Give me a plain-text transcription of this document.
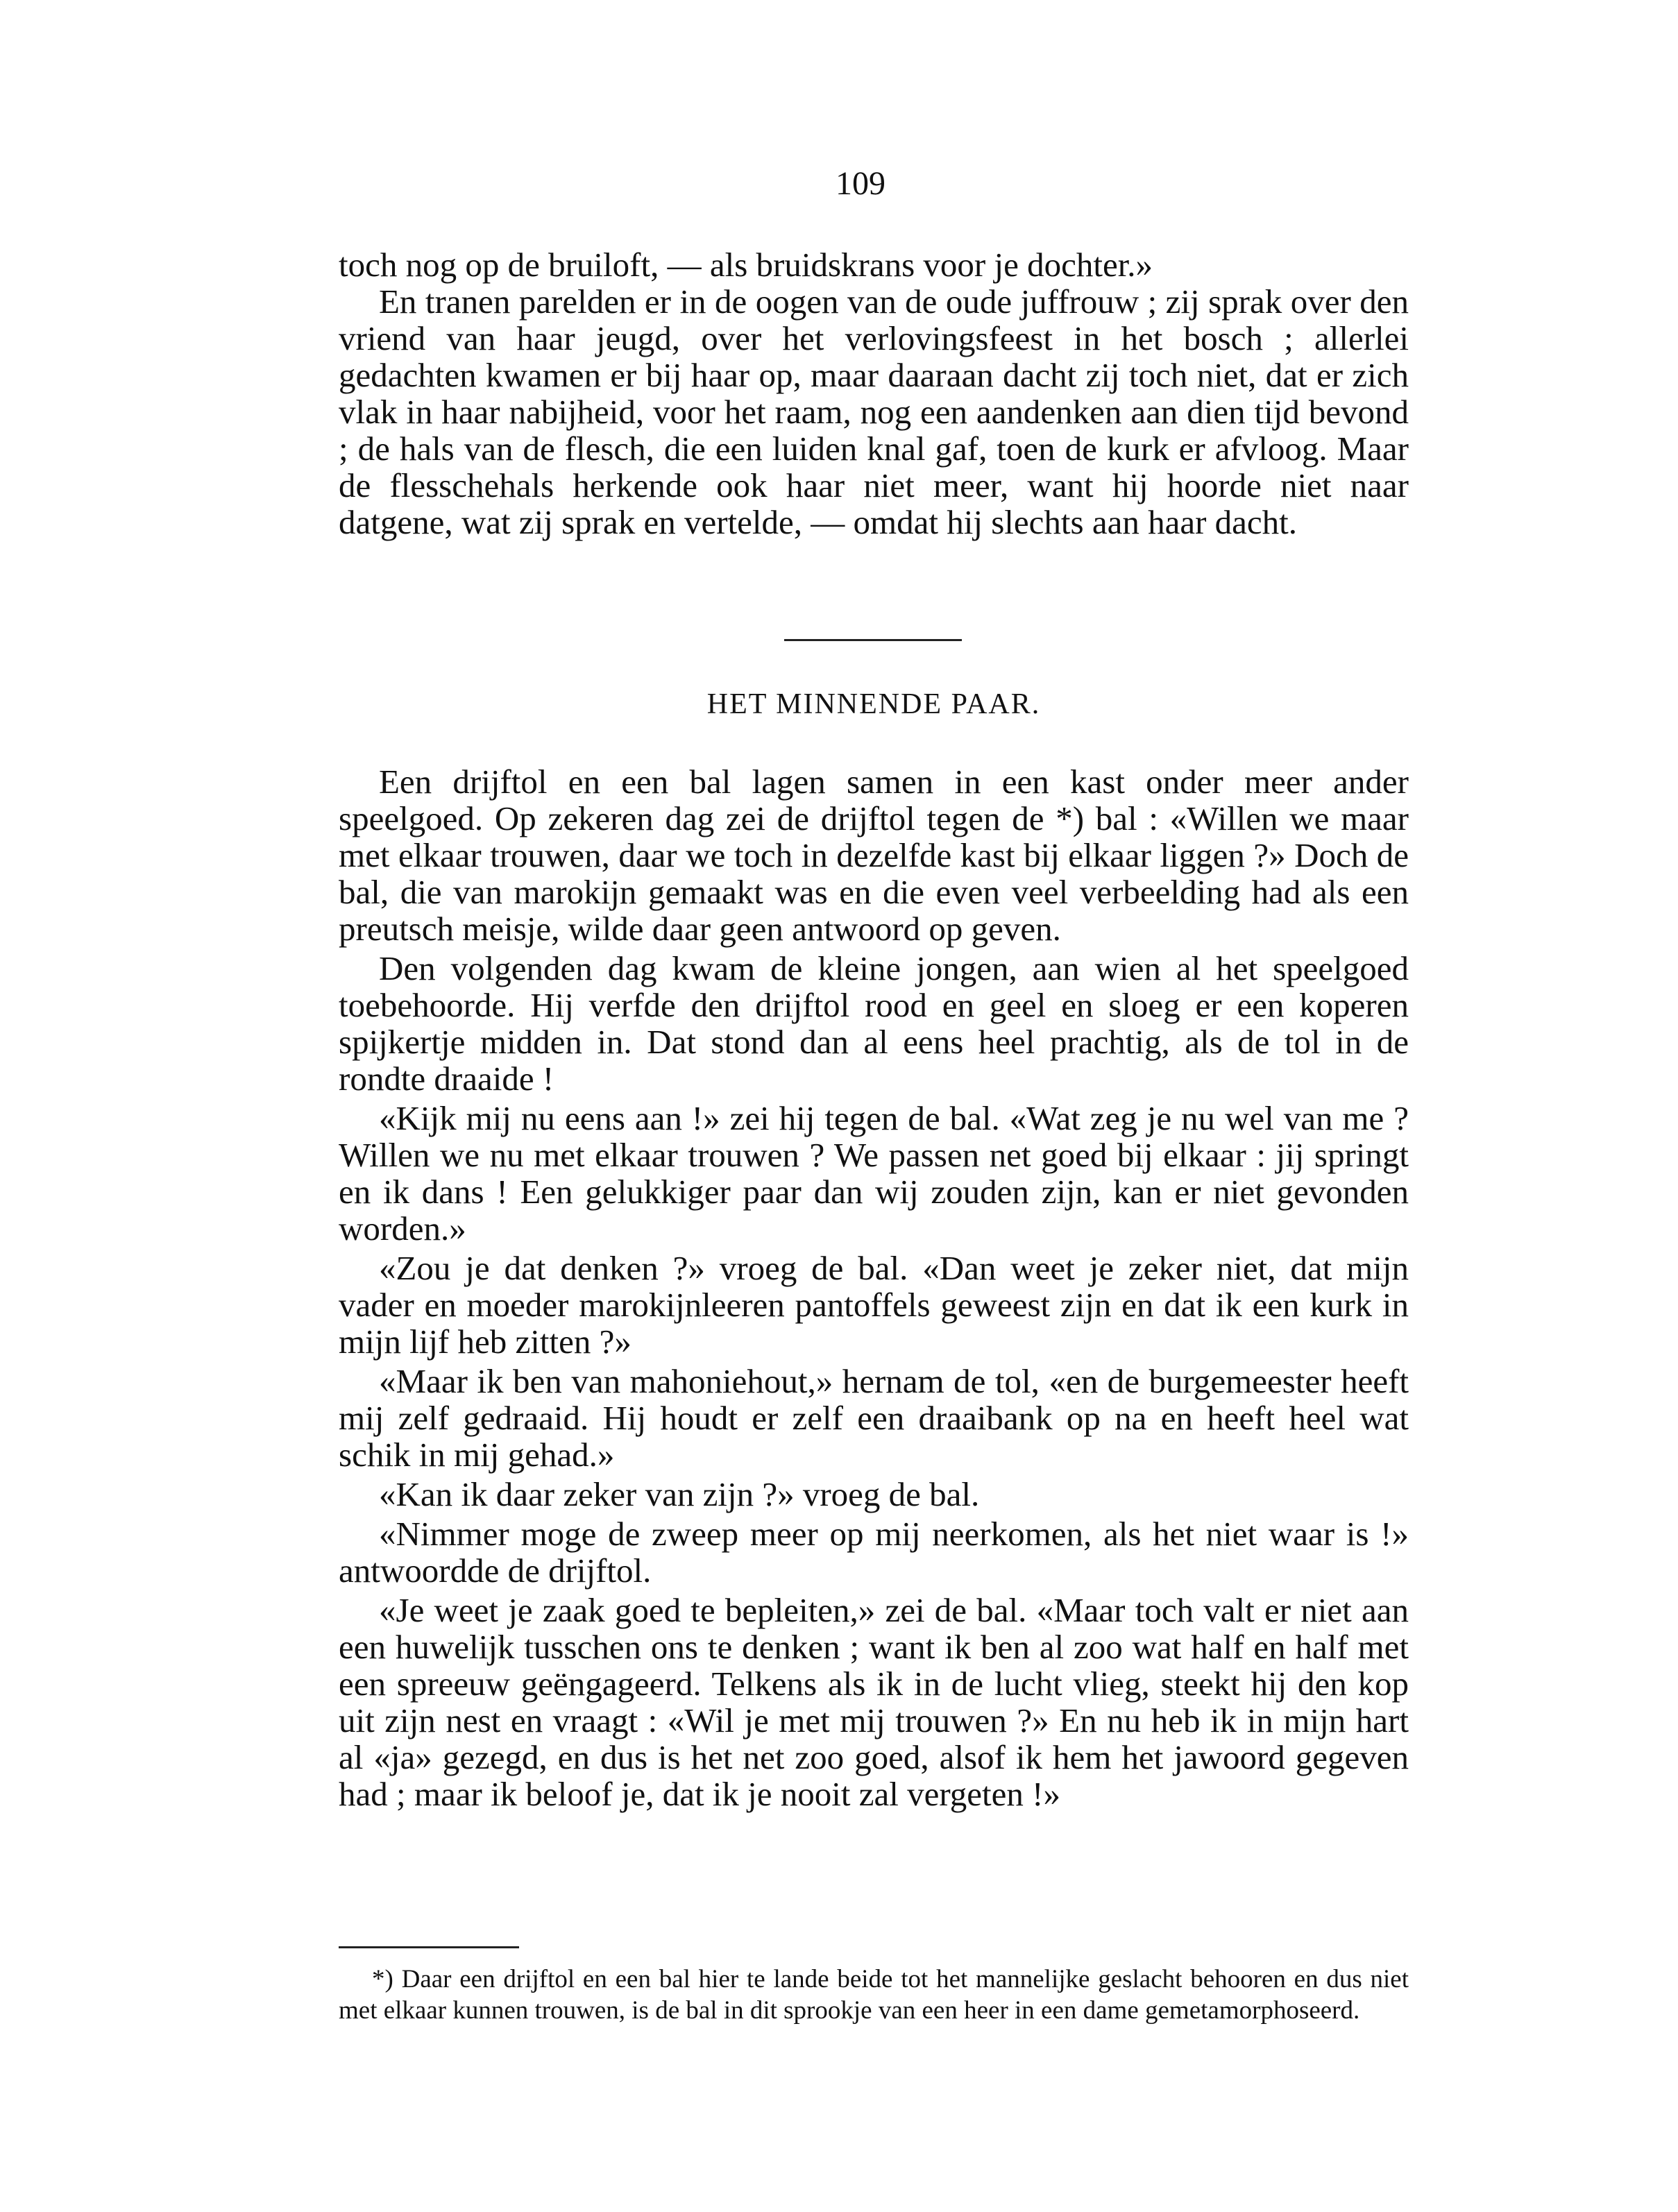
109

toch nog op de bruiloft, — als bruidskrans voor je dochter.»

En tranen parelden er in de oogen van de oude juffrouw ; zij sprak over den vriend van haar jeugd, over het verlovingsfeest in het bosch ; allerlei gedachten kwamen er bij haar op, maar daaraan dacht zij toch niet, dat er zich vlak in haar nabijheid, voor het raam, nog een aandenken aan dien tijd bevond ; de hals van de flesch, die een luiden knal gaf, toen de kurk er afvloog. Maar de flesschehals herkende ook haar niet meer, want hij hoorde niet naar datgene, wat zij sprak en vertelde, — omdat hij slechts aan haar dacht.

HET MINNENDE PAAR.

Een drijftol en een bal lagen samen in een kast onder meer ander speelgoed. Op zekeren dag zei de drijftol tegen de *) bal : «Willen we maar met elkaar trouwen, daar we toch in dezelfde kast bij elkaar liggen ?» Doch de bal, die van marokijn gemaakt was en die even veel verbeelding had als een preutsch meisje, wilde daar geen antwoord op geven.

Den volgenden dag kwam de kleine jongen, aan wien al het speelgoed toebehoorde. Hij verfde den drijftol rood en geel en sloeg er een koperen spijkertje midden in. Dat stond dan al eens heel prachtig, als de tol in de rondte draaide !

«Kijk mij nu eens aan !» zei hij tegen de bal. «Wat zeg je nu wel van me ? Willen we nu met elkaar trouwen ? We passen net goed bij elkaar : jij springt en ik dans ! Een gelukkiger paar dan wij zouden zijn, kan er niet gevonden worden.»

«Zou je dat denken ?» vroeg de bal. «Dan weet je zeker niet, dat mijn vader en moeder marokijnleeren pantoffels geweest zijn en dat ik een kurk in mijn lijf heb zitten ?»

«Maar ik ben van mahoniehout,» hernam de tol, «en de burgemeester heeft mij zelf gedraaid. Hij houdt er zelf een draaibank op na en heeft heel wat schik in mij gehad.»

«Kan ik daar zeker van zijn ?» vroeg de bal.

«Nimmer moge de zweep meer op mij neerkomen, als het niet waar is !» antwoordde de drijftol.

«Je weet je zaak goed te bepleiten,» zei de bal. «Maar toch valt er niet aan een huwelijk tusschen ons te denken ; want ik ben al zoo wat half en half met een spreeuw geëngageerd. Telkens als ik in de lucht vlieg, steekt hij den kop uit zijn nest en vraagt : «Wil je met mij trouwen ?» En nu heb ik in mijn hart al «ja» gezegd, en dus is het net zoo goed, alsof ik hem het jawoord gegeven had ; maar ik beloof je, dat ik je nooit zal vergeten !»

*) Daar een drijftol en een bal hier te lande beide tot het mannelijke geslacht behooren en dus niet met elkaar kunnen trouwen, is de bal in dit sprookje van een heer in een dame gemetamorphoseerd.
